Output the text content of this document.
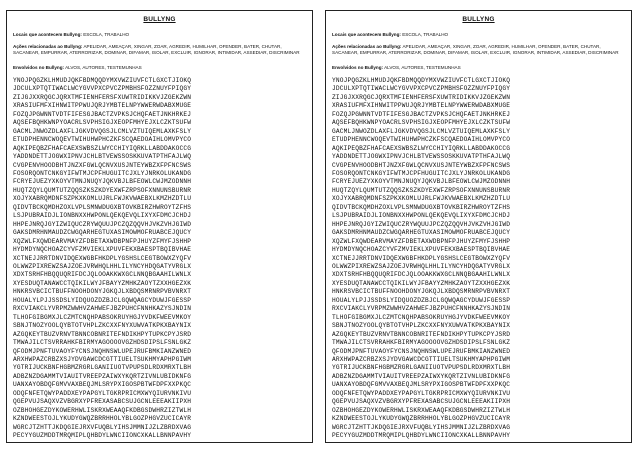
BULLYNG
Locais que acontecem Bullyng: ESCOLA, TRABALHO
Ações relacionadas ao Bullyng: APELIDAR, AMEAÇAR, XINGAR, ZOAR, AGREDIR, HUMILHAR, OFENDER, BATER, CHUTAR, SACANEAR, EMPURRAR, ATERRORIZAR, DOMINAR, DIFAMAR, ISOLAR, EXCLUIR, IGNORAR, INTIMIDAR, ASSEDIAR, DISCRIMINAR
Envolvidos no Bullyng: ALVOS, AUTORES, TESTEMUNHAS
YNOJPQGZKLHMUDJQKFBDMQQDYMXVWZIUVFCTLGXCTJIOKQ
JDCULXPTQTIWACLWCYGVVPXCPVCZPMBHSFOZZNUYFPIQGY
ZIJGJXXRQGCJQRXTMFIENHFERSFXUWTRIDIKKVJZGEKZWN
XRASIUFMFXIHNWITPPWUJQRJYMBTELNPYWWERWDABXMUGE
FOZQJPGWNNTVDTFIFESGJBACTZVPKSJCHQFAETJNKHRKEJ
AQSEFBQHKWNPYOACRLSVPHSIGJXEOPFMHYEJXLCZKTSUFW
GACMLJNWOZDLAXFLJGKVDVQGSJLCMLVZTUIQEMLAXKFSLY
ETUDPHENNCWOQEVTWIHUHWPHCZKFSCQAEDOAIHLOMVPYCO
AQKIPEQBZFHAFCAEXSWBSZLWYCCHIYIQRKLLABDDAKOCCG
YADDNDETTJOGWXIPNVJCHLBTVEWSSOSKKUVATPTHFAJLWQ
CVGPENVHOODBHTJNZXFGWLQCNVXUSJNTEYWBZXFPFNCSWS
FOSORQONTCNKGYIFWTMJCPFHUGUITCJXLYJNRKOLUKANDG
FCRYEJUEZYXKOYVTMNJNUQYJQKVBJLBFEOWLCWJMZODNNH
HUQTZQYLQUMTUTZQQSZKSZKDYEXWFZRPSOFXNNUNSBURNR
XOJYXABRQMDNFSZPKXKOMLUJRLFWJKVWAEBXLKMZHZDTLU
QIDVTBCKQMDHZOXLVPLSMNWDUGXBTOVKBIRZHWROYTZFHS
LSJPUBRAIDJLIONBNXXHWPONLQEKQEVQLIXYXFDMCJCHDJ
HHPEJNRQJGYIZWIQUCZRYWQUUJPCZQZQQVHJVKZVHJGIWD
GAKSDMRHNMAUDZCWGQARHEGTUXASIMOWMOFRUABCEJQUCY
XQZWLFXQWDEARVMAYZFDBETAXWDBPNFPJHUYZFMYFJSHHP
HYDMDYNQCHOAZCYVFZMVIEKLXPUVFEKXBAESPTBQIBVHAE
XCTNEJJRRTDNVIDQEXWGBFHKDPLYGSHSLCEGTBOWXZYQFV
OLWWZPIXREWZSAJZOEJVRWHQLHHLILYNCYHDQGATYVRGLX
XDXTSRHFHBQQUQRIFDCJQLOOAKKWXGCLNNQBGAAHILWNLX
XYESDUQTANAWCCTQIKILWYJFBAYYZMHKZAOYTZXXHGEZXK
HNKRSVBCICTBUFFNOOHDONYJGKQJLXBDQSMRNRPVBVNRXT
HOUALYLPJJSSDSLYIDQUOZDZBJCLGQWQAGCYDUWJFGESSP
RXCVIAKCLYVRPMZWWHVZAHWEFJBZPUHCFNNHKAZYSJNDIN
TLHOFGIBGMXJLCZMTCNQHPABSOKRUYHGJYVDKFWEEVMKOY
SBNJTNOZYOOLQYBTOTVHPLZKCXXFNYXUWVATKPKXBAYNIX
AZGQKEYTBUZVRNVTBNNCOBNRITEFNDIKHPYTUPKCPYJSRD
TMWAJILCTSVRRAHKFBIRMYAGOOOOVGZHDSDIPSLFSNLGKZ
QFODMJPNFTUVAOYFYCNSJNQHNSWLUPEJRUFBMKIANZWNED
ARXHWPAZCRBZXSJYDVGAWCDCGTTIUELTSUKHMYAPHPGIWM
YGTRIJUCKBNFHGBMZRGRLGANIIUOTVPUPSDLRDXMRXTLBH
ADBZNZDGAMMTVIAUITVREEPZAIWXYKQRTZIVNLUBIDKNFG
UANXAYOBDQFGMVVAXBEQJMLSRYPXIGOSPBTWFDPFXXPKQC
ODQFNFETQWYPADDXEYPAPGYLTGKRPRICMXWYQIURVNKIVU
QGEPVUJSAQXVZVBGRXYPFREXASABCSUJGCNLEEEAKIIPXH
OZBHOHGEZDYKOWERHWLISKRXWEAAQFKDBGSDWHRZIZTWLH
KZNDWEESTOJLYKUDYGWQZBRRHHOLYBLGOZPHGVZUCICAYR
WGRCJTZHTTJKDQGIEJRXVFUQBLYIHSJMMNIJZLZBRDXVAG
PECYYGUZMDDTMRQMIPLQHBDYLWNCIIONCXKALLBNNPAVHY
BULLYNG
Locais que acontecem Bullyng: ESCOLA, TRABALHO
Ações relacionadas ao Bullyng: APELIDAR, AMEAÇAR, XINGAR, ZOAR, AGREDIR, HUMILHAR, OFENDER, BATER, CHUTAR, SACANEAR, EMPURRAR, ATERRORIZAR, DOMINAR, DIFAMAR, ISOLAR, EXCLUIR, IGNORAR, INTIMIDAR, ASSEDIAR, DISCRIMINAR
Envolvidos no Bullyng: ALVOS, AUTORES, TESTEMUNHAS
YNOJPQGZKLHMUDJQKFBDMQQDYMXVWZIUVFCTLGXCTJIOKQ
JDCULXPTQTIWACLWCYGVVPXCPVCZPMBHSFOZZNUYFPIQGY
ZIJGJXXRQGCJQRXTMFIENHFERSFXUWTRIDIKKVJZGEKZWN
XRASIUFMFXIHNWITPPWUJQRJYMBTELNPYWWERWDABXMUGE
FOZQJPGWNNTVDTFIFESGJBACTZVPKSJCHQFAETJNKHRKEJ
AQSEFBQHKWNPYOACRLSVPHSIGJXEOPFMHYEJXLCZKTSUFW
GACMLJNWOZDLAXFLJGKVDVQGSJLCMLVZTUIQEMLAXKFSLY
ETUDPHENNCWOQEVTWIHUHWPHCZKFSCQAEDOAIHLOMVPYCO
AQKIPEQBZFHAFCAEXSWBSZLWYCCHIYIQRKLLABDDAKOCCG
YADDNDETTJOGWXIPNVJCHLBTVEWSSOSKKUVATPTHFAJLWQ
CVGPENVHOODBHTJNZXFGWLQCNVXUSJNTEYWBZXFPFNCSWS
FOSORQONTCNKGYIFWTMJCPFHUGUITCJXLYJNRKOLUKANDG
FCRYEJUEZYXKOYVTMNJNUQYJQKVBJLBFEOWLCWJMZODNNH
HUQTZQYLQUMTUTZQQSZKSZKDYEXWFZRPSOFXNNUNSBURNR
XOJYXABRQMDNFSZPKXKOMLUJRLFWJKVWAEBXLKMZHZDTLU
QIDVTBCKQMDHZOXLVPLSMNWDUGXBTOVKBIRZHWROYTZFHS
LSJPUBRAIDJLIONBNXXHWPONLQEKQEVQLIXYXFDMCJCHDJ
HHPEJNRQJGYIZWIQUCZRYWQUUJPCZQZQQVHJVKZVHJGIWD
GAKSDMRHNMAUDZCWGQARHEGTUXASIMOWMOFRUABCEJQUCY
XQZWLFXQWDEARVMAYZFDBETAXWDBPNFPJHUYZFMYFJSHHP
HYDMDYNQCHOAZCYVFZMVIEKLXPUVFEKXBAESPTBQIBVHAE
XCTNEJJRRTDNVIDQEXWGBFHKDPLYGSHSLCEGTBOWXZYQFV
OLWWZPIXREWZSAJZOEJVRWHQLHHLILYNCYHDQGATYVRGLX
XDXTSRHFHBQQUQRIFDCJQLOOAKKWXGCLNNQBGAAHILWNLX
XYESDUQTANAWCCTQIKILWYJFBAYYZMHKZAOYTZXXHGEZXK
HNKRSVBCICTBUFFNOOHDONYJGKQJLXBDQSMRNRPVBVNRXT
HOUALYLPJJSSDSLYIDQUOZDZBJCLGQWQAGCYDUWJFGESSP
RXCVIAKCLYVRPMZWWHVZAHWEFJBZPUHCFNNHKAZYSJNDIN
TLHOFGIBGMXJLCZMTCNQHPABSOKRUYHGJYVDKFWEEVMKOY
SBNJTNOZYOOLQYBTOTVHPLZKCXXFNYXUWVATKPKXBAYNIX
AZGQKEYTBUZVRNVTBNNCOBNRITEFNDIKHPYTUPKCPYJSRD
TMWAJILCTSVRRAHKFBIRMYAGOOOOVGZHDSDIPSLFSNLGKZ
QFODMJPNFTUVAOYFYCNSJNQHNSWLUPEJRUFBMKIANZWNED
ARXHWPAZCRBZXSJYDVGAWCDCGTTIUELTSUKHMYAPHPGIWM
YGTRIJUCKBNFHGBMZRGRLGANIIUOTVPUPSDLRDXMRXTLBH
ADBZNZDGAMMTVIAUITVREEPZAIWXYKQRTZIVNLUBIDKNFG
UANXAYOBDQFGMVVAXBEQJMLSRYPXIGOSPBTWFDPFXXPKQC
ODQFNFETQWYPADDXEYPAPGYLTGKRPRICMXWYQIURVNKIVU
QGEPVUJSAQXVZVBGRXYPFREXASABCSUJGCNLEEEAKIIPXH
OZBHOHGEZDYKOWERHWLISKRXWEAAQFKDBGSDWHRZIZTWLH
KZNDWEESTOJLYKUDYGWQZBRRHHOLYBLGOZPHGVZUCICAYR
WGRCJTZHTTJKDQGIEJRXVFUQBLYIHSJMMNIJZLZBRDXVAG
PECYYGUZMDDTMRQMIPLQHBDYLWNCIIONCXKALLBNNPAVHY
